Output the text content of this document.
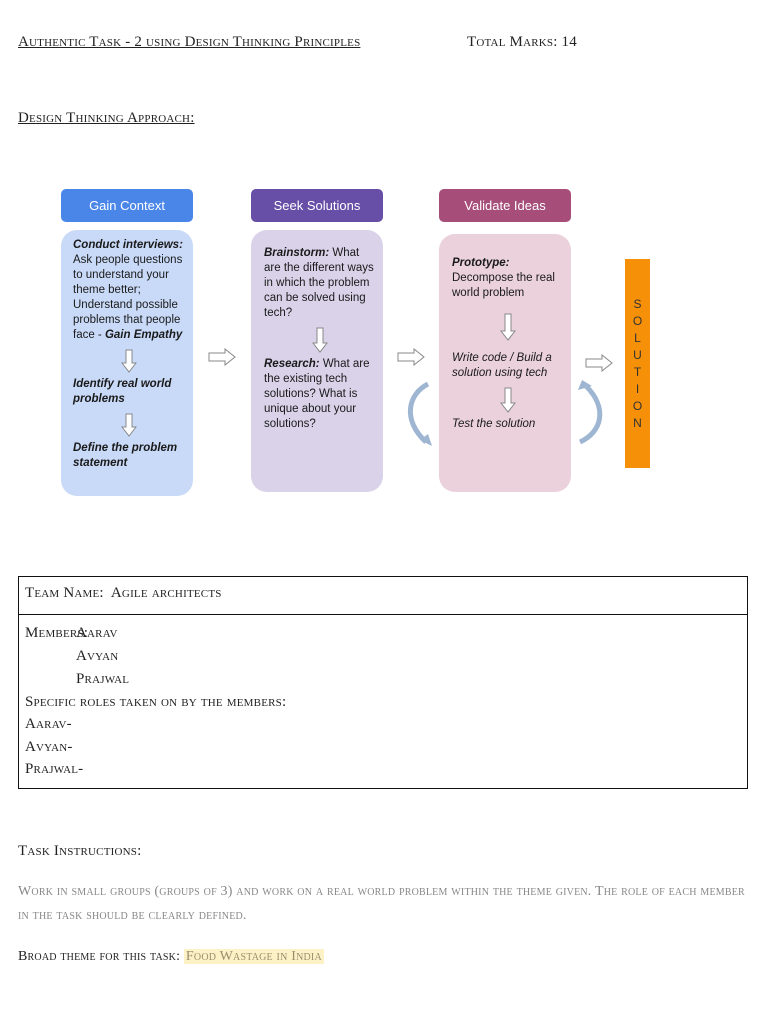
Authentic Task - 2 using Design Thinking Principles	Total Marks: 14
Design Thinking Approach:
Gain Context	Seek Solutions	Validate Ideas

Conduct interviews: Ask people questions to understand your theme better; Understand possible problems that people face - Gain Empathy

Identify real world problems

Define the problem statement

Brainstorm: What are the different ways in which the problem can be solved using tech?

Research: What are the existing tech solutions? What is unique about your solutions?

Prototype:
Decompose the real world problem

Write code / Build a solution using tech

Test the solution

S
O
L
U
T
I
O
N
Team Name: Agile architects
Members:
Aarav
Avyan
Prajwal
Specific roles taken on by the members:
Aarav-
Avyan-
Prajwal-
Task Instructions:
Work in small groups (groups of 3) and work on a real world problem within the theme given. The role of each member in the task should be clearly defined.
Broad theme for this task: Food Wastage in India
